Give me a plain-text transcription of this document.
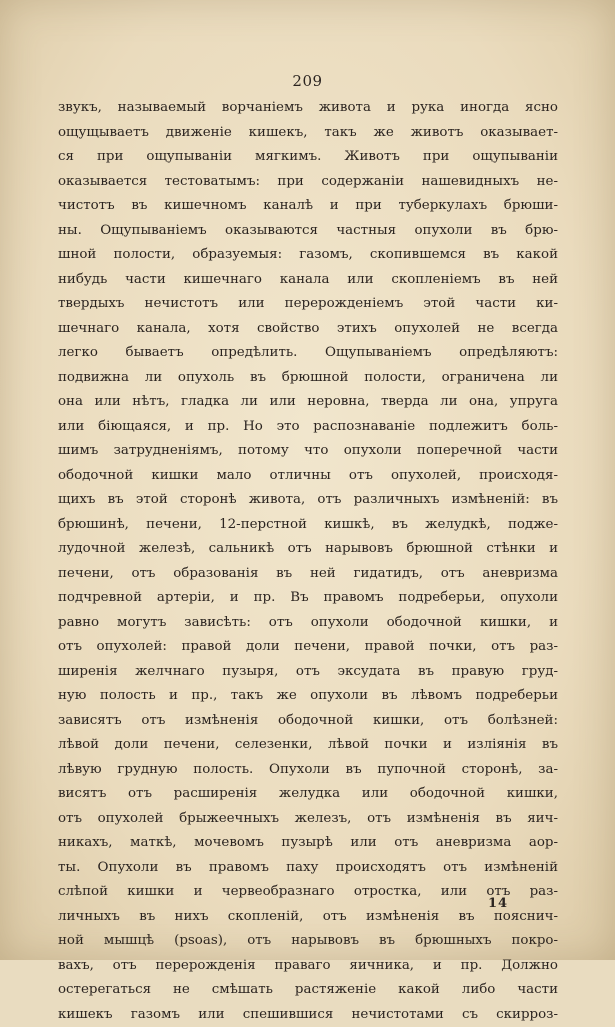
209
звукъ, называемый ворчаніемъ живота и рука иногда ясно
ощущываетъ движеніе кишекъ, такъ же животъ оказывает-
ся при ощупываніи мягкимъ. Животъ при ощупываніи
оказывается тестоватымъ: при содержаніи нашевидныхъ не-
чистотъ въ кишечномъ каналѣ и при туберкулахъ брюши-
ны. Ощупываніемъ оказываются частныя опухоли въ брю-
шной полости, образуемыя: газомъ, скопившемся въ какой
нибудь части кишечнаго канала или скопленіемъ въ ней
твердыхъ нечистотъ или перерожденіемъ этой части ки-
шечнаго канала, хотя свойство этихъ опухолей не всегда
легко бываетъ опредѣлить. Ощупываніемъ опредѣляютъ:
подвижна ли опухоль въ брюшной полости, ограничена ли
она или нѣтъ, гладка ли или неровна, тверда ли она, упруга
или біющаяся, и пр. Но это распознаваніе подлежитъ боль-
шимъ затрудненіямъ, потому что опухоли поперечной части
ободочной кишки мало отличны отъ опухолей, происходя-
щихъ въ этой сторонѣ живота, отъ различныхъ измѣненій: въ
брюшинѣ, печени, 12-перстной кишкѣ, въ желудкѣ, подже-
лудочной железѣ, сальникѣ отъ нарывовъ брюшной стѣнки и
печени, отъ образованія въ ней гидатидъ, отъ аневризма
подчревной артеріи, и пр. Въ правомъ подреберьи, опухоли
равно могутъ зависѣть: отъ опухоли ободочной кишки, и
отъ опухолей: правой доли печени, правой почки, отъ раз-
ширенія желчнаго пузыря, отъ эксудата въ правую груд-
ную полость и пр., такъ же опухоли въ лѣвомъ подреберьи
зависятъ отъ измѣненія ободочной кишки, отъ болѣзней:
лѣвой доли печени, селезенки, лѣвой почки и изліянія въ
лѣвую грудную полость. Опухоли въ пупочной сторонѣ, за-
висятъ отъ расширенія желудка или ободочной кишки,
отъ опухолей брыжеечныхъ железъ, отъ измѣненія въ яич-
никахъ, маткѣ, мочевомъ пузырѣ или отъ аневризма аор-
ты. Опухоли въ правомъ паху происходятъ отъ измѣненій
слѣпой кишки и червеобразнаго отростка, или отъ раз-
личныхъ въ нихъ скопленій, отъ измѣненія въ пояснич-
ной мышцѣ (psoas), отъ нарывовъ въ брюшныхъ покро-
вахъ, отъ перерожденія праваго яичника, и пр. Должно
остерегаться не смѣшать растяженіе какой либо части
кишекъ газомъ или спешившися нечистотами съ скирроз-
14
